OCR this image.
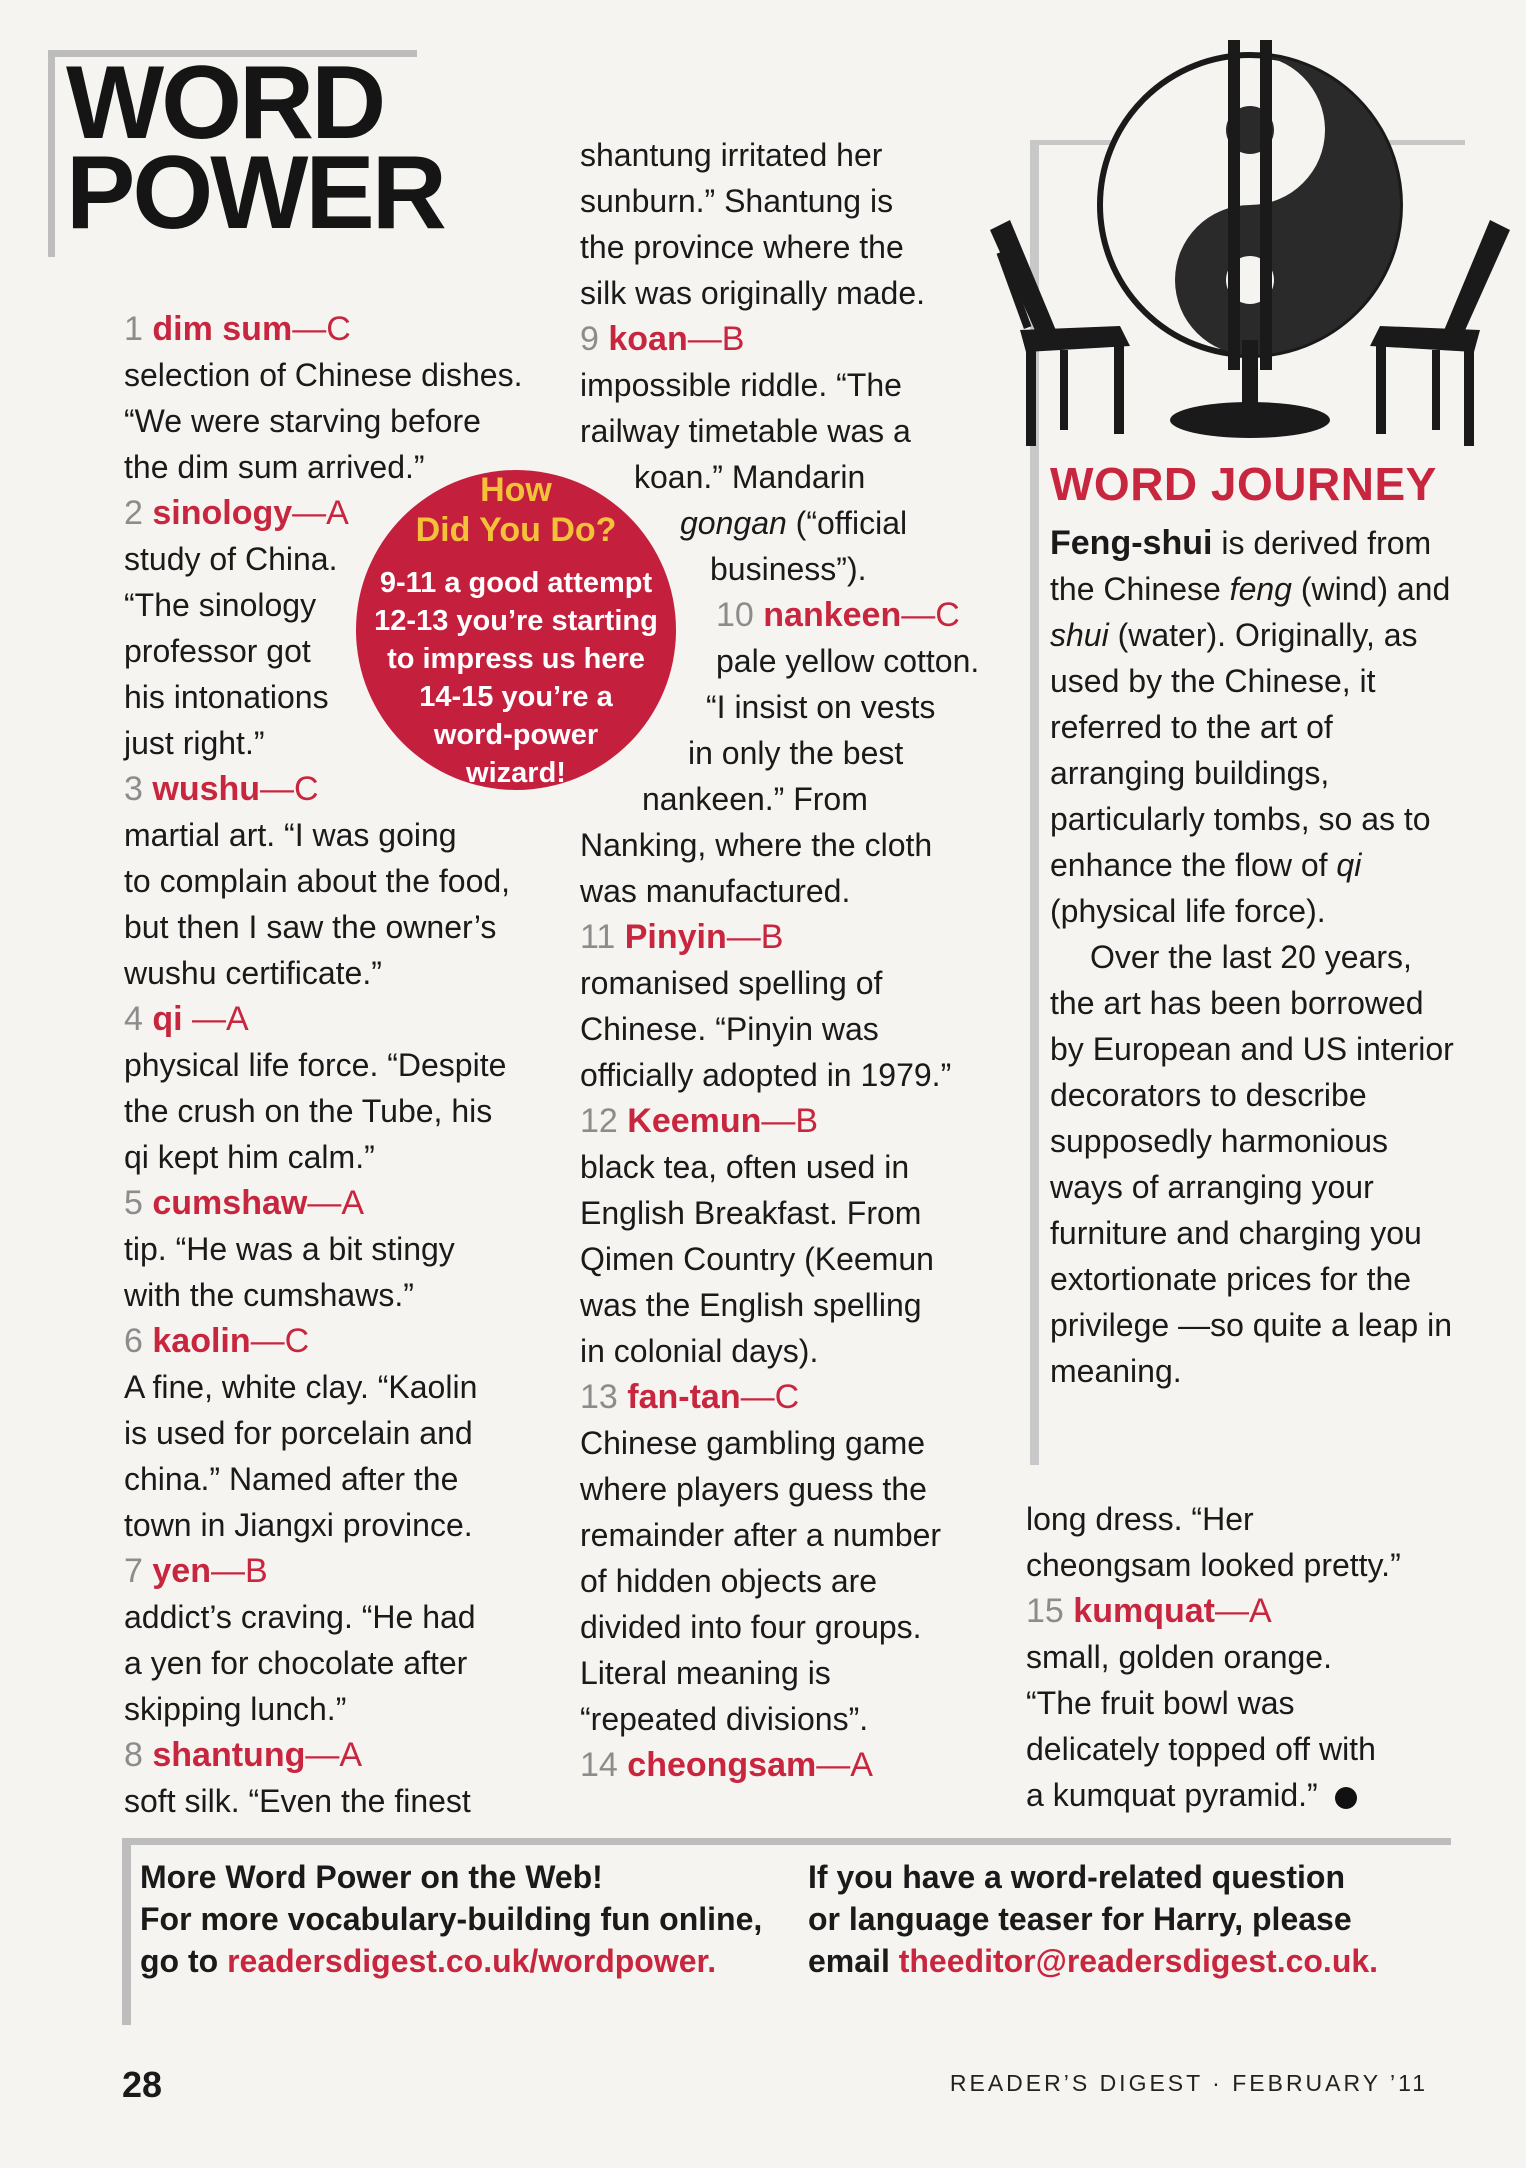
WORD
POWER
1 dim sum—C

selection of Chinese dishes.
“We were starving before
the dim sum arrived.”

2 sinology—A

study of China.
“The sinology
professor got
his intonations
just right.”

3 wushu—C

martial art. “I was going
to complain about the food,
but then I saw the owner’s
wushu certificate.”

4 qi —A

physical life force. “Despite
the crush on the Tube, his
qi kept him calm.”

5 cumshaw—A

tip. “He was a bit stingy
with the cumshaws.”

6 kaolin—C

A fine, white clay. “Kaolin
is used for porcelain and
china.” Named after the
town in Jiangxi province.

7 yen—B

addict’s craving. “He had
a yen for chocolate after
skipping lunch.”

8 shantung—A

soft silk. “Even the finest

shantung irritated her
sunburn.” Shantung is
the province where the
silk was originally made.

9 koan—B

impossible riddle. “The
railway timetable was a
koan.” Mandarin
gongan (“official
business”).

10 nankeen—C

pale yellow cotton.
“I insist on vests
in only the best
nankeen.” From
Nanking, where the cloth
was manufactured.

11 Pinyin—B

romanised spelling of
Chinese. “Pinyin was
officially adopted in 1979.”

12 Keemun—B

black tea, often used in
English Breakfast. From
Qimen Country (Keemun
was the English spelling
in colonial days).

13 fan-tan—C

Chinese gambling game
where players guess the
remainder after a number
of hidden objects are
divided into four groups.
Literal meaning is
“repeated divisions”.

14 cheongsam—A

long dress. “Her
cheongsam looked pretty.”

15 kumquat—A

small, golden orange.
“The fruit bowl was
delicately topped off with
a kumquat pyramid.”

How
Did You Do?
9-11 a good attempt
12-13 you’re starting
to impress us here
14-15 you’re a
word-power
wizard!
WORD JOURNEY

Feng-shui is derived from the Chinese feng (wind) and shui (water). Originally, as used by the Chinese, it referred to the art of arranging buildings, particularly tombs, so as to enhance the flow of qi (physical life force).

Over the last 20 years, the art has been borrowed by European and US interior decorators to describe supposedly harmonious ways of arranging your furniture and charging you extortionate prices for the privilege —so quite a leap in meaning.

More Word Power on the Web!

For more vocabulary-building fun online,

go to readersdigest.co.uk/wordpower.

If you have a word-related question

or language teaser for Harry, please

email theeditor@readersdigest.co.uk.

28	READER’S DIGEST · FEBRUARY ’11
